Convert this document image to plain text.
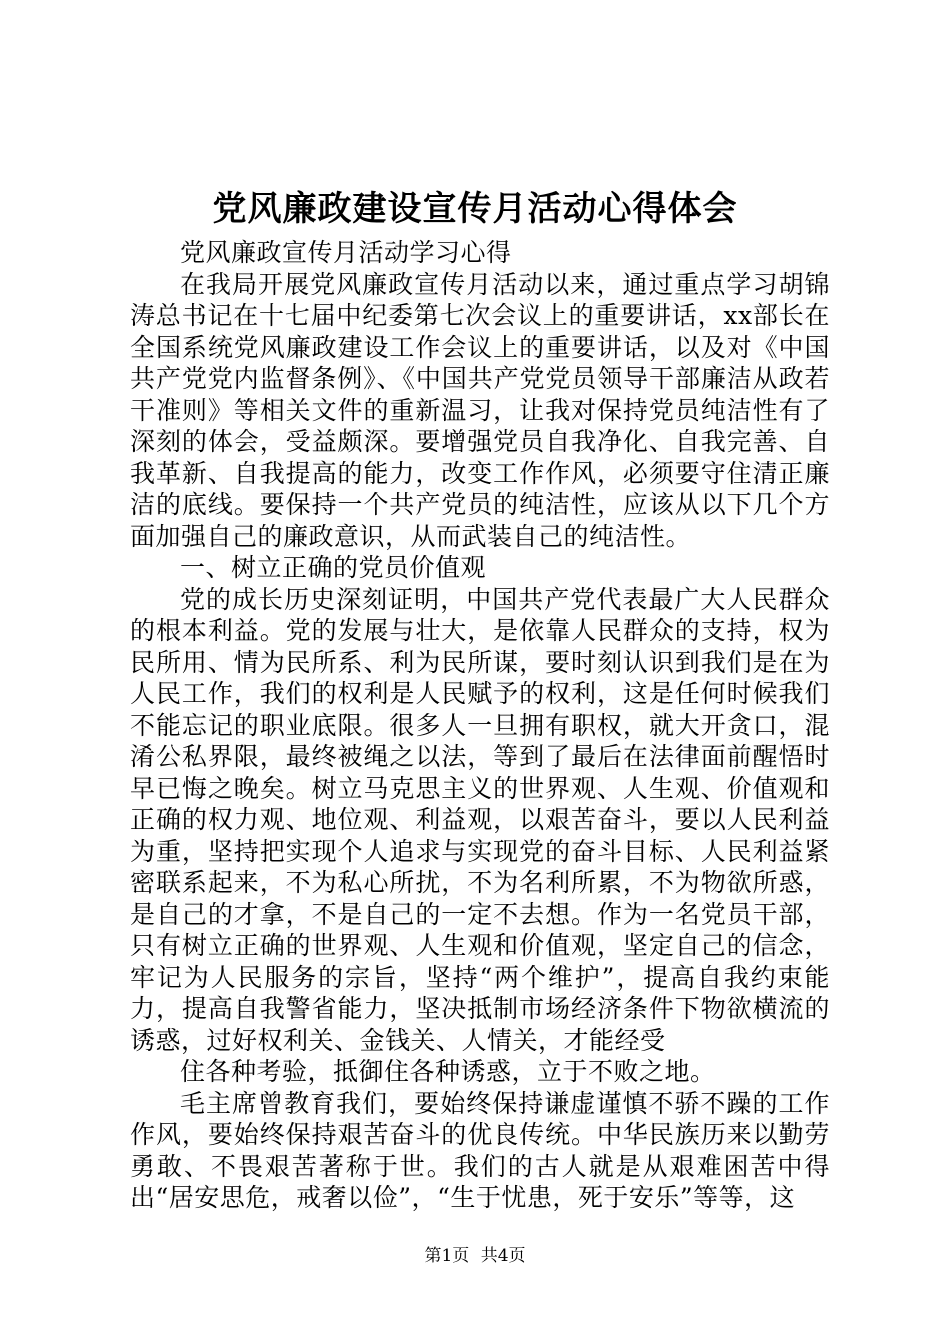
党风廉政建设宣传月活动心得体会

党风廉政宣传月活动学习心得

在我局开展党风廉政宣传月活动以来，通过重点学习胡锦涛总书记在十七届中纪委第七次会议上的重要讲话，xx部长在全国系统党风廉政建设工作会议上的重要讲话，以及对《中国共产党党内监督条例》、《中国共产党党员领导干部廉洁从政若干准则》等相关文件的重新温习，让我对保持党员纯洁性有了深刻的体会，受益颇深。要增强党员自我净化、自我完善、自我革新、自我提高的能力，改变工作作风，必须要守住清正廉洁的底线。要保持一个共产党员的纯洁性，应该从以下几个方面加强自己的廉政意识，从而武装自己的纯洁性。

一、树立正确的党员价值观

党的成长历史深刻证明，中国共产党代表最广大人民群众的根本利益。党的发展与壮大，是依靠人民群众的支持，权为民所用、情为民所系、利为民所谋，要时刻认识到我们是在为人民工作，我们的权利是人民赋予的权利，这是任何时候我们不能忘记的职业底限。很多人一旦拥有职权，就大开贪口，混淆公私界限，最终被绳之以法，等到了最后在法律面前醒悟时早已悔之晚矣。树立马克思主义的世界观、人生观、价值观和正确的权力观、地位观、利益观，以艰苦奋斗，要以人民利益为重，坚持把实现个人追求与实现党的奋斗目标、人民利益紧密联系起来，不为私心所扰，不为名利所累，不为物欲所惑，是自己的才拿，不是自己的一定不去想。作为一名党员干部，只有树立正确的世界观、人生观和价值观，坚定自己的信念，牢记为人民服务的宗旨，坚持“两个维护”，提高自我约束能力，提高自我警省能力，坚决抵制市场经济条件下物欲横流的诱惑，过好权利关、金钱关、人情关，才能经受

住各种考验，抵御住各种诱惑，立于不败之地。

毛主席曾教育我们，要始终保持谦虚谨慎不骄不躁的工作作风，要始终保持艰苦奋斗的优良传统。中华民族历来以勤劳勇敢、不畏艰苦著称于世。我们的古人就是从艰难困苦中得出“居安思危，戒奢以俭”，“生于忧患，死于安乐”等等，这

第1页 共4页
